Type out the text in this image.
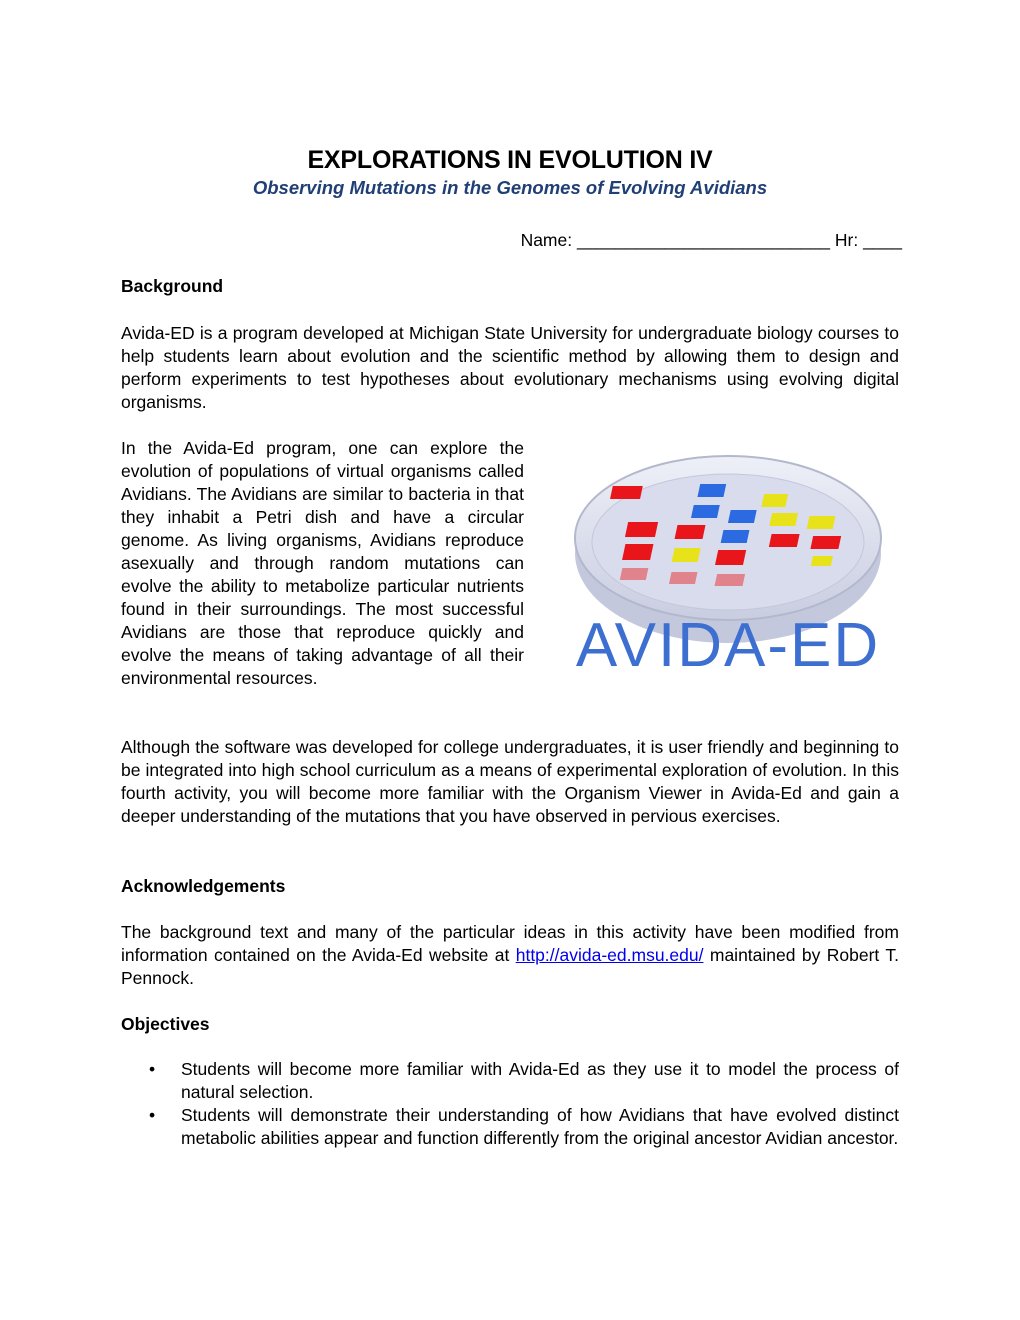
EXPLORATIONS IN EVOLUTION IV
Observing Mutations in the Genomes of Evolving Avidians
Name: __________________________ Hr: ____
Background
Avida-ED is a program developed at Michigan State University for undergraduate biology courses to help students learn about evolution and the scientific method by allowing them to design and perform experiments to test hypotheses about evolutionary mechanisms using evolving digital organisms.
In the Avida-Ed program, one can explore the evolution of populations of virtual organisms called Avidians. The Avidians are similar to bacteria in that they inhabit a Petri dish and have a circular genome. As living organisms, Avidians reproduce asexually and through random mutations can evolve the ability to metabolize particular nutrients found in their surroundings. The most successful Avidians are those that reproduce quickly and evolve the means of taking advantage of all their environmental resources.	AVIDA-ED
Although the software was developed for college undergraduates, it is user friendly and beginning to be integrated into high school curriculum as a means of experimental exploration of evolution. In this fourth activity, you will become more familiar with the Organism Viewer in Avida-Ed and gain a deeper understanding of the mutations that you have observed in pervious exercises.
Acknowledgements
The background text and many of the particular ideas in this activity have been modified from information contained on the Avida-Ed website at http://avida-ed.msu.edu/ maintained by Robert T. Pennock.
Objectives
• Students will become more familiar with Avida-Ed as they use it to model the process of natural selection.
• Students will demonstrate their understanding of how Avidians that have evolved distinct metabolic abilities appear and function differently from the original ancestor Avidian ancestor.
